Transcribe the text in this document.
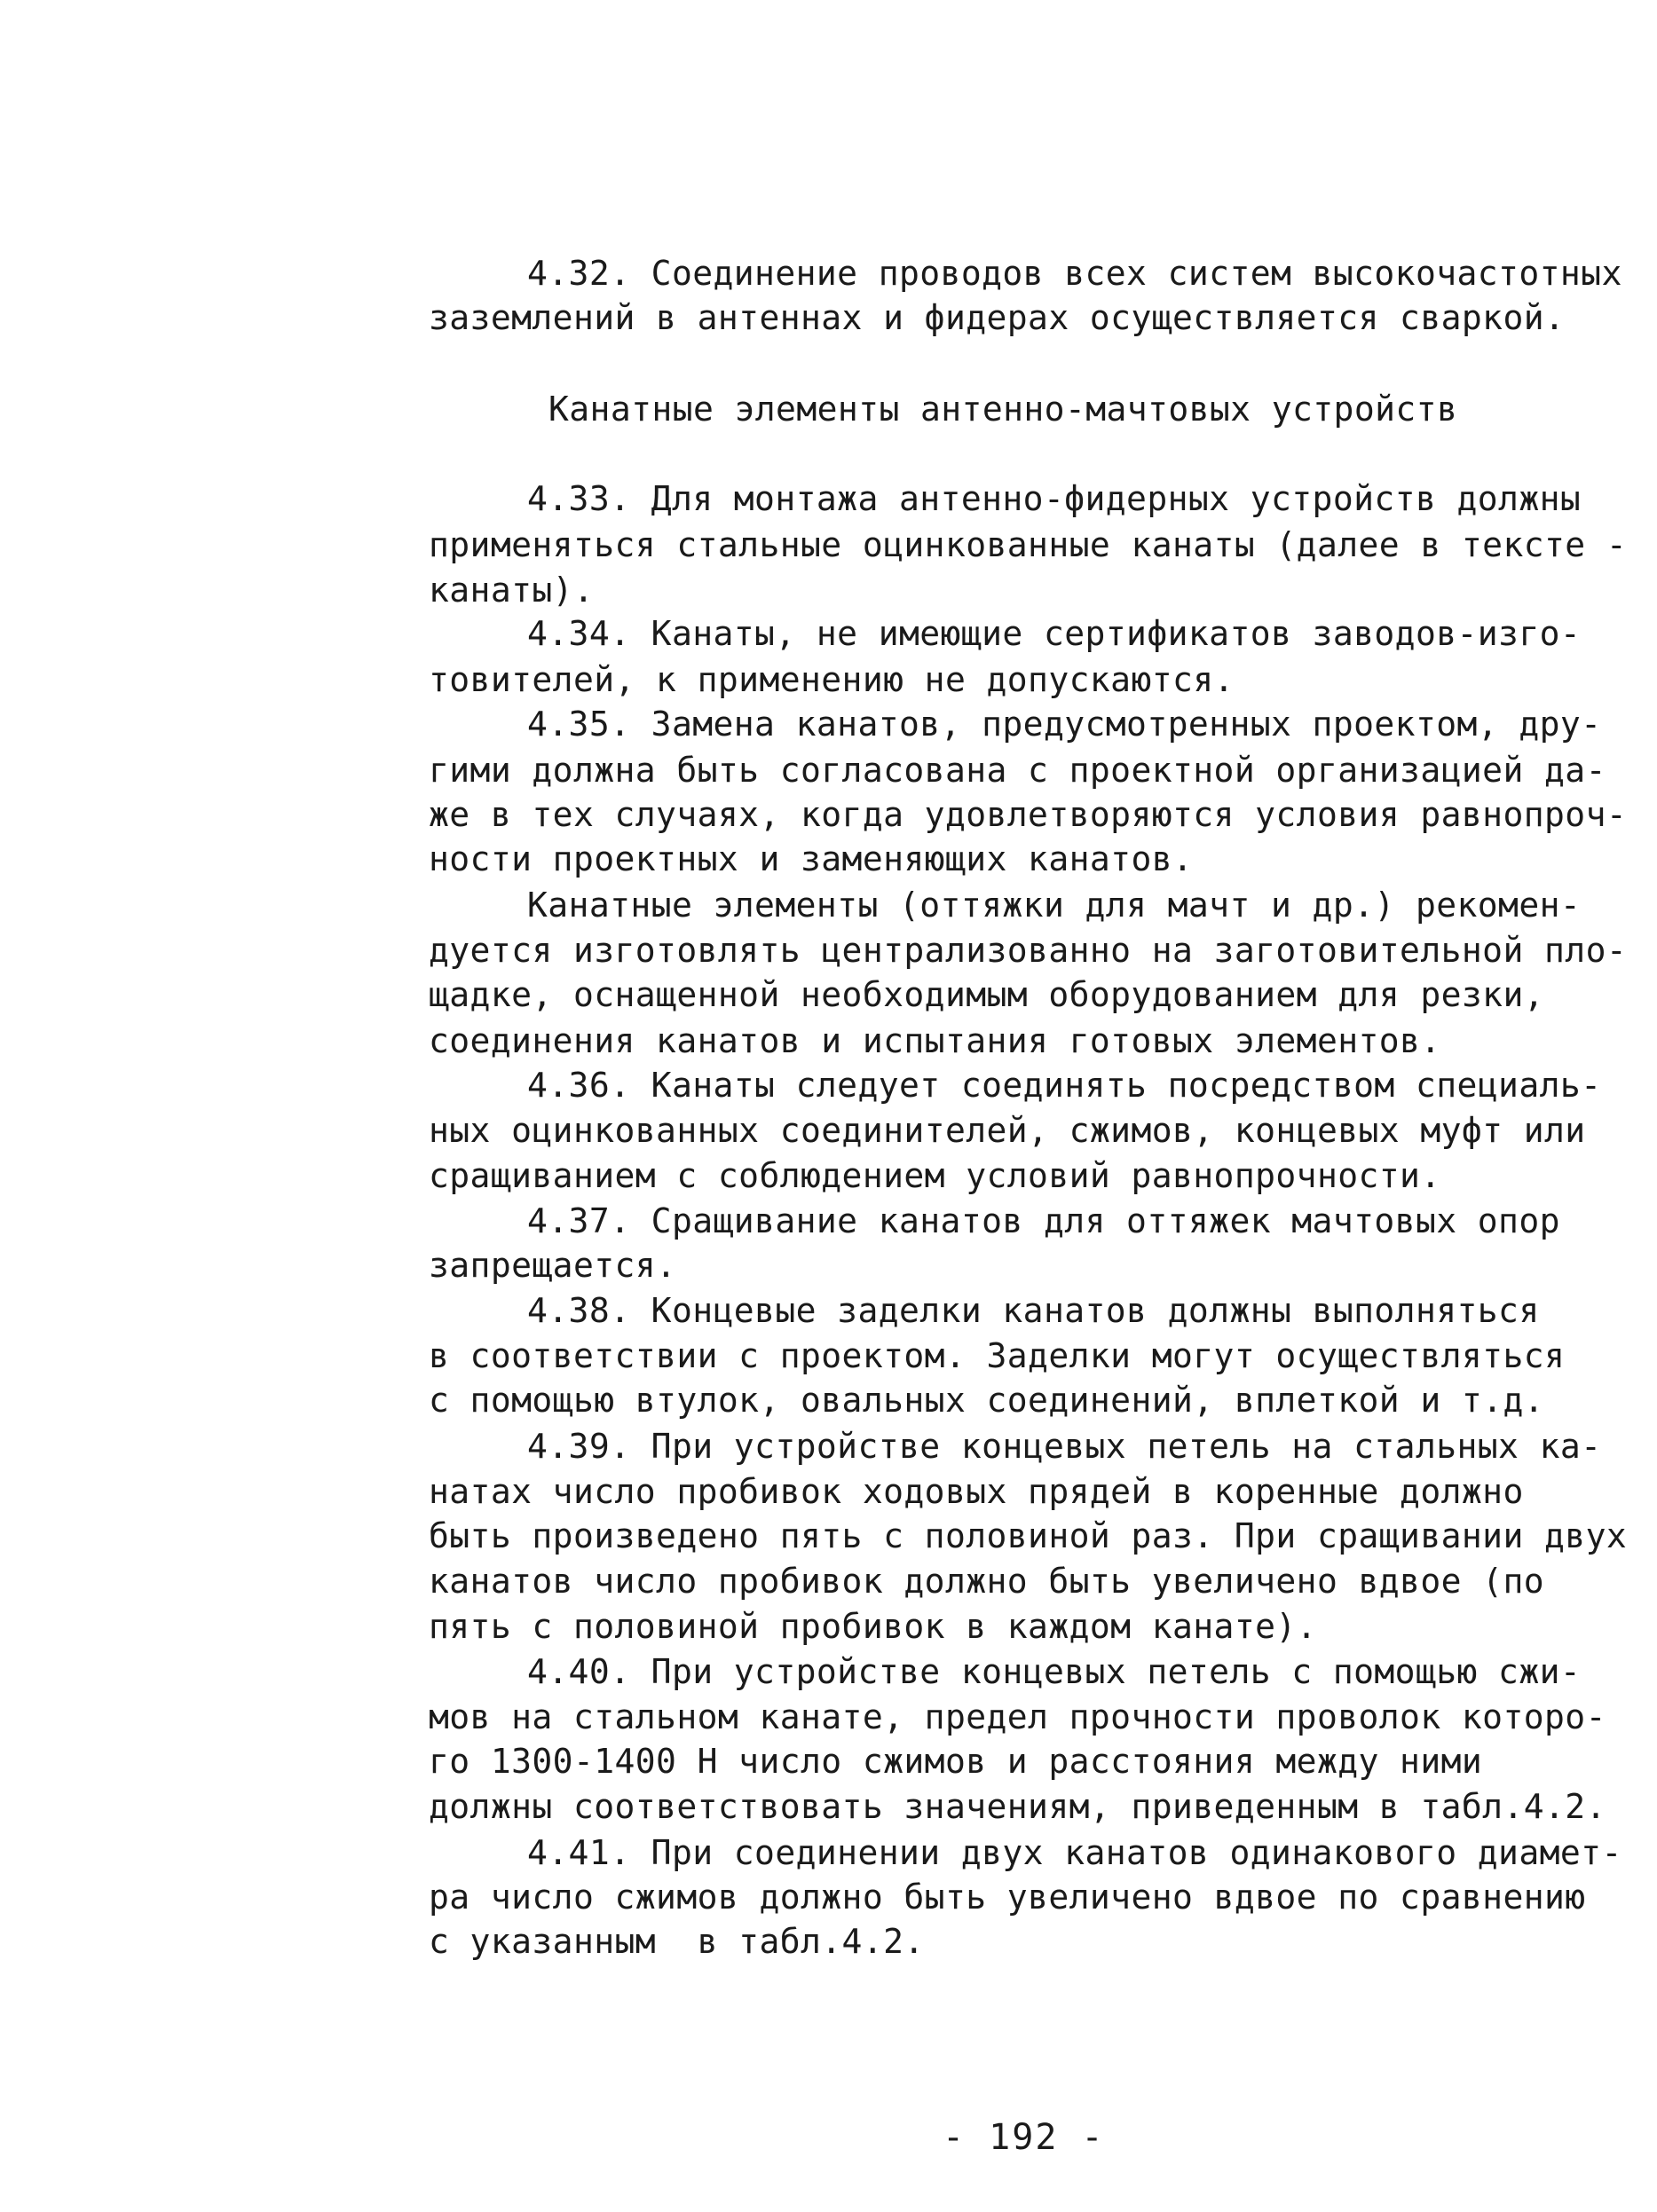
4.32. Соединение проводов всех систем высокочастотных
заземлений в антеннах и фидерах осуществляется сваркой.
Канатные элементы антенно-мачтовых устройств
4.33. Для монтажа антенно-фидерных устройств должны
применяться стальные оцинкованные канаты (далее в тексте -
канаты).
4.34. Канаты, не имеющие сертификатов заводов-изго-
товителей, к применению не допускаются.
4.35. Замена канатов, предусмотренных проектом, дру-
гими должна быть согласована с проектной организацией да-
же в тех случаях, когда удовлетворяются условия равнопроч-
ности проектных и заменяющих канатов.
Канатные элементы (оттяжки для мачт и др.) рекомен-
дуется изготовлять централизованно на заготовительной пло-
щадке, оснащенной необходимым оборудованием для резки,
соединения канатов и испытания готовых элементов.
4.36. Канаты следует соединять посредством специаль-
ных оцинкованных соединителей, сжимов, концевых муфт или
сращиванием с соблюдением условий равнопрочности.
4.37. Сращивание канатов для оттяжек мачтовых опор
запрещается.
4.38. Концевые заделки канатов должны выполняться
в соответствии с проектом. Заделки могут осуществляться
с помощью втулок, овальных соединений, вплеткой и т.д.
4.39. При устройстве концевых петель на стальных ка-
натах число пробивок ходовых прядей в коренные должно
быть произведено пять с половиной раз. При сращивании двух
канатов число пробивок должно быть увеличено вдвое (по
пять с половиной пробивок в каждом канате).
4.40. При устройстве концевых петель с помощью сжи-
мов на стальном канате, предел прочности проволок которо-
го 1300-1400 Н число сжимов и расстояния между ними
должны соответствовать значениям, приведенным в табл.4.2.
4.41. При соединении двух канатов одинакового диамет-
ра число сжимов должно быть увеличено вдвое по сравнению
с указанным  в табл.4.2.
- 192 -
